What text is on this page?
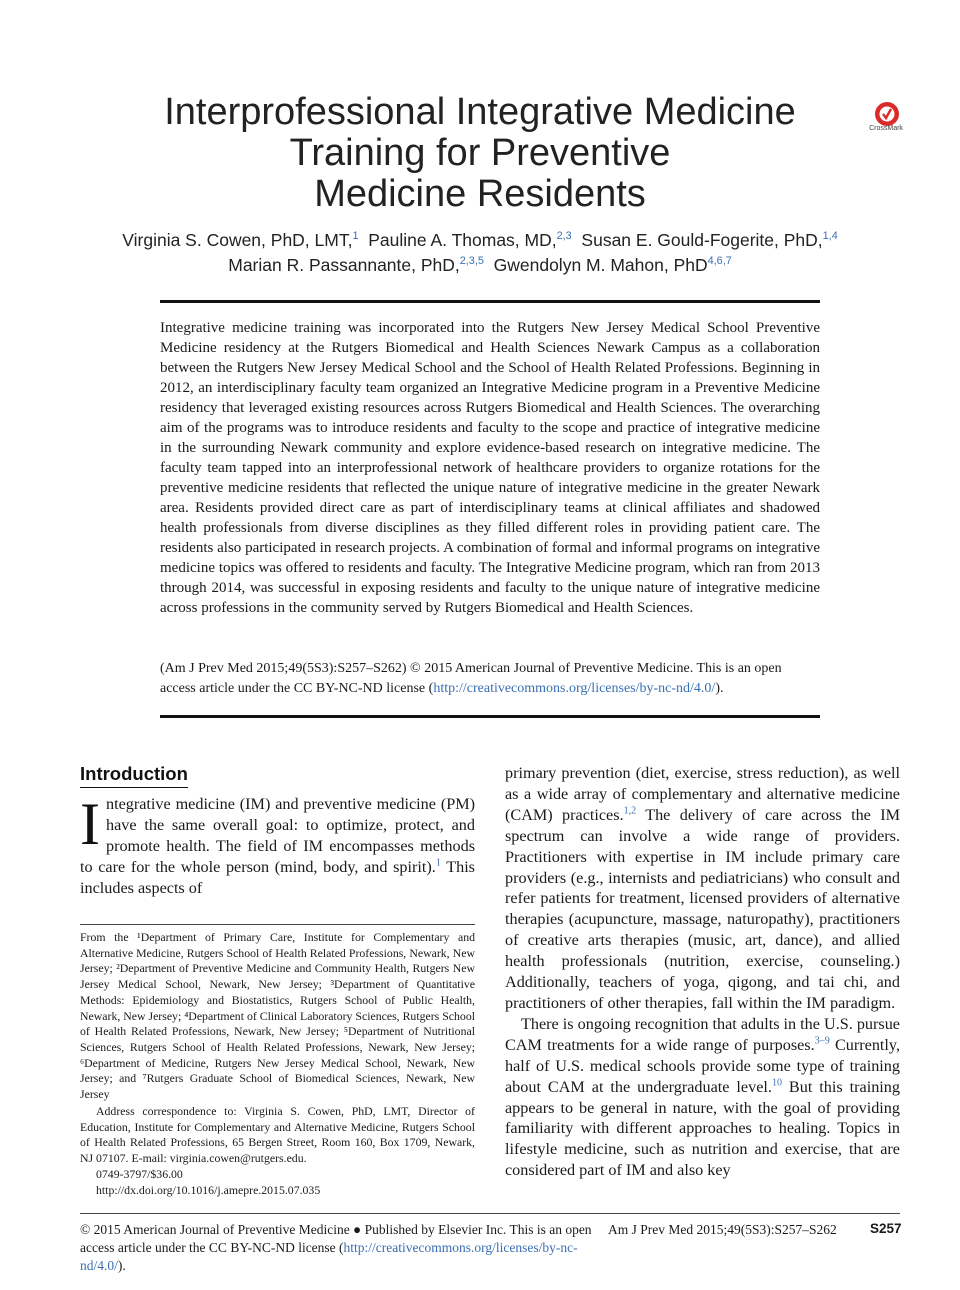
Interprofessional Integrative Medicine
Training for Preventive
Medicine Residents
CrossMark
Virginia S. Cowen, PhD, LMT,$^1$ Pauline A. Thomas, MD,$^{2,3}$ Susan E. Gould-Fogerite, PhD,$^{1,4}$
Marian R. Passannante, PhD,$^{2,3,5}$ Gwendolyn M. Mahon, PhD$^{4,6,7}$

Integrative medicine training was incorporated into the Rutgers New Jersey Medical School Preventive Medicine residency at the Rutgers Biomedical and Health Sciences Newark Campus as a collaboration between the Rutgers New Jersey Medical School and the School of Health Related Professions. Beginning in 2012, an interdisciplinary faculty team organized an Integrative Medicine program in a Preventive Medicine residency that leveraged existing resources across Rutgers Biomedical and Health Sciences. The overarching aim of the programs was to introduce residents and faculty to the scope and practice of integrative medicine in the surrounding Newark community and explore evidence-based research on integrative medicine. The faculty team tapped into an interprofessional network of healthcare providers to organize rotations for the preventive medicine residents that reflected the unique nature of integrative medicine in the greater Newark area. Residents provided direct care as part of interdisciplinary teams at clinical affiliates and shadowed health professionals from diverse disciplines as they filled different roles in providing patient care. The residents also participated in research projects. A combination of formal and informal programs on integrative medicine topics was offered to residents and faculty. The Integrative Medicine program, which ran from 2013 through 2014, was successful in exposing residents and faculty to the unique nature of integrative medicine across professions in the community served by Rutgers Biomedical and Health Sciences.

(Am J Prev Med 2015;49(5S3):S257–S262) © 2015 American Journal of Preventive Medicine. This is an open access article under the CC BY-NC-ND license (http://creativecommons.org/licenses/by-nc-nd/4.0/).

Introduction

Integrative medicine (IM) and preventive medicine (PM) have the same overall goal: to optimize, protect, and promote health. The field of IM encompasses methods to care for the whole person (mind, body, and spirit).$^1$ This includes aspects of

From the ¹Department of Primary Care, Institute for Complementary and Alternative Medicine, Rutgers School of Health Related Professions, Newark, New Jersey; ²Department of Preventive Medicine and Community Health, Rutgers New Jersey Medical School, Newark, New Jersey; ³Department of Quantitative Methods: Epidemiology and Biostatistics, Rutgers School of Public Health, Newark, New Jersey; ⁴Department of Clinical Laboratory Sciences, Rutgers School of Health Related Professions, Newark, New Jersey; ⁵Department of Nutritional Sciences, Rutgers School of Health Related Professions, Newark, New Jersey; ⁶Department of Medicine, Rutgers New Jersey Medical School, Newark, New Jersey; and ⁷Rutgers Graduate School of Biomedical Sciences, Newark, New Jersey

Address correspondence to: Virginia S. Cowen, PhD, LMT, Director of Education, Institute for Complementary and Alternative Medicine, Rutgers School of Health Related Professions, 65 Bergen Street, Room 160, Box 1709, Newark, NJ 07107. E-mail: virginia.cowen@rutgers.edu.

0749-3797/$36.00

http://dx.doi.org/10.1016/j.amepre.2015.07.035

primary prevention (diet, exercise, stress reduction), as well as a wide array of complementary and alternative medicine (CAM) practices.$^{1,2}$ The delivery of care across the IM spectrum can involve a wide range of providers. Practitioners with expertise in IM include primary care providers (e.g., internists and pediatricians) who consult and refer patients for treatment, licensed providers of alternative therapies (acupuncture, massage, naturopathy), practitioners of creative arts therapies (music, art, dance), and allied health professionals (nutrition, exercise, counseling.) Additionally, teachers of yoga, qigong, and tai chi, and practitioners of other therapies, fall within the IM paradigm.

There is ongoing recognition that adults in the U.S. pursue CAM treatments for a wide range of purposes.$^{3-9}$ Currently, half of U.S. medical schools provide some type of training about CAM at the undergraduate level.$^{10}$ But this training appears to be general in nature, with the goal of providing familiarity with different approaches to healing. Topics in lifestyle medicine, such as nutrition and exercise, that are considered part of IM and also key

© 2015 American Journal of Preventive Medicine ● Published by Elsevier Inc. This is an open access article under the CC BY-NC-ND license (http://creativecommons.org/licenses/by-nc-nd/4.0/).

Am J Prev Med 2015;49(5S3):S257–S262 S257
